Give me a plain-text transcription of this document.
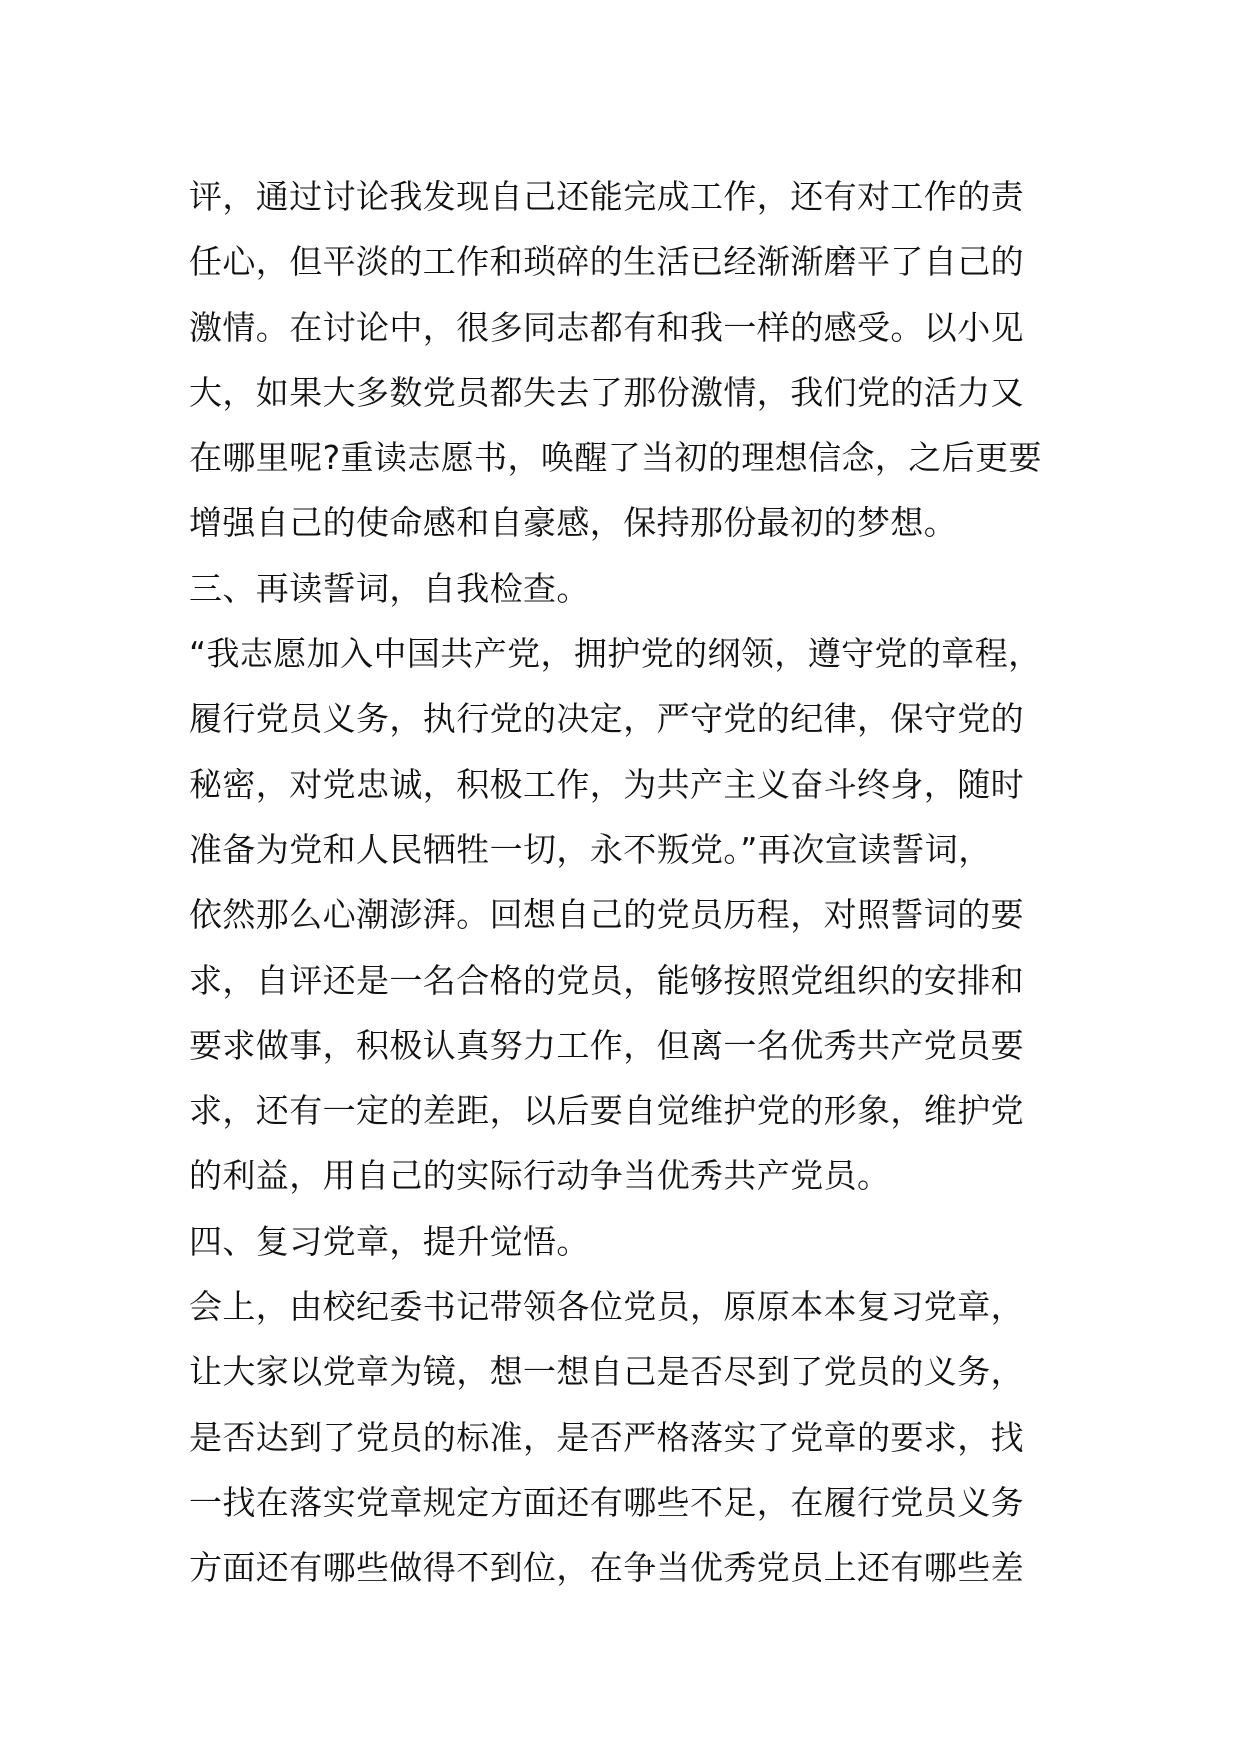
评，通过讨论我发现自己还能完成工作，还有对工作的责
任心，但平淡的工作和琐碎的生活已经渐渐磨平了自己的
激情。在讨论中，很多同志都有和我一样的感受。以小见
大，如果大多数党员都失去了那份激情，我们党的活力又
在哪里呢?重读志愿书，唤醒了当初的理想信念，之后更要
增强自己的使命感和自豪感，保持那份最初的梦想。
三、再读誓词，自我检查。
“我志愿加入中国共产党，拥护党的纲领，遵守党的章程，
履行党员义务，执行党的决定，严守党的纪律，保守党的
秘密，对党忠诚，积极工作，为共产主义奋斗终身，随时
准备为党和人民牺牲一切，永不叛党。”再次宣读誓词，
依然那么心潮澎湃。回想自己的党员历程，对照誓词的要
求，自评还是一名合格的党员，能够按照党组织的安排和
要求做事，积极认真努力工作，但离一名优秀共产党员要
求，还有一定的差距，以后要自觉维护党的形象，维护党
的利益，用自己的实际行动争当优秀共产党员。
四、复习党章，提升觉悟。
会上，由校纪委书记带领各位党员，原原本本复习党章，
让大家以党章为镜，想一想自己是否尽到了党员的义务，
是否达到了党员的标准，是否严格落实了党章的要求，找
一找在落实党章规定方面还有哪些不足，在履行党员义务
方面还有哪些做得不到位，在争当优秀党员上还有哪些差
